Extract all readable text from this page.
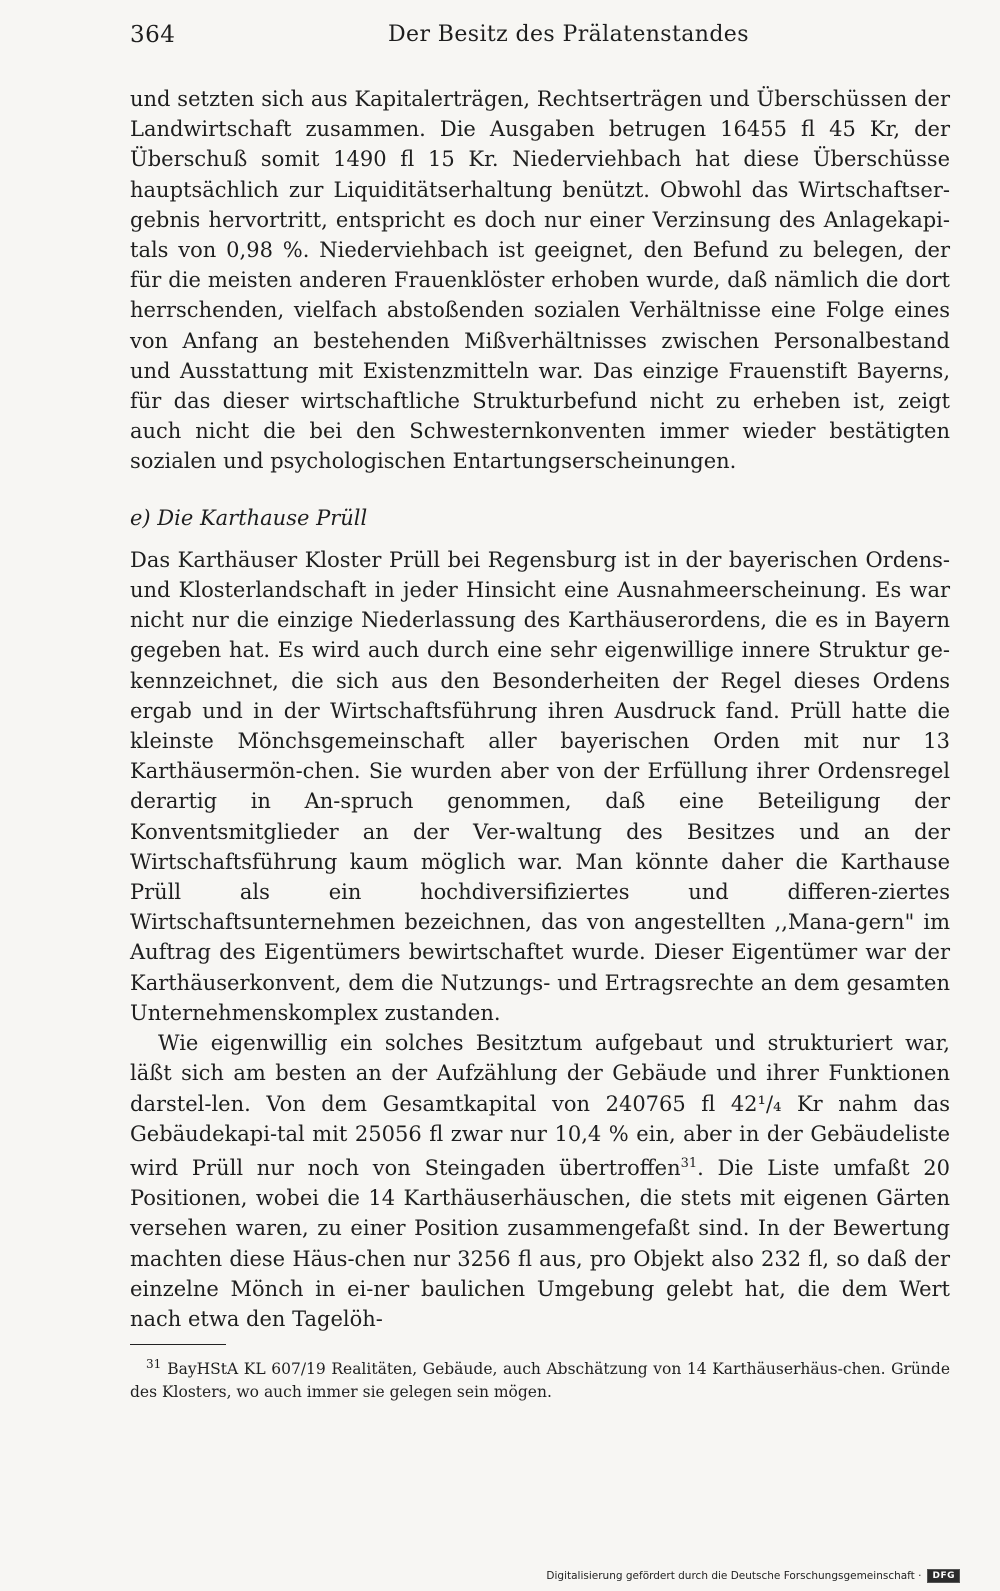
364	Der Besitz des Prälatenstandes

und setzten sich aus Kapitalerträgen, Rechtserträgen und Überschüssen der Landwirtschaft zusammen. Die Ausgaben betrugen 16455 fl 45 Kr, der Überschuß somit 1490 fl 15 Kr. Niederviehbach hat diese Überschüsse hauptsächlich zur Liquiditätserhaltung benützt. Obwohl das Wirtschaftser-gebnis hervortritt, entspricht es doch nur einer Verzinsung des Anlagekapi-tals von 0,98 %. Niederviehbach ist geeignet, den Befund zu belegen, der für die meisten anderen Frauenklöster erhoben wurde, daß nämlich die dort herrschenden, vielfach abstoßenden sozialen Verhältnisse eine Folge eines von Anfang an bestehenden Mißverhältnisses zwischen Personalbestand und Ausstattung mit Existenzmitteln war. Das einzige Frauenstift Bayerns, für das dieser wirtschaftliche Strukturbefund nicht zu erheben ist, zeigt auch nicht die bei den Schwesternkonventen immer wieder bestätigten sozialen und psychologischen Entartungserscheinungen.

e) Die Karthause Prüll

Das Karthäuser Kloster Prüll bei Regensburg ist in der bayerischen Ordens- und Klosterlandschaft in jeder Hinsicht eine Ausnahmeerscheinung. Es war nicht nur die einzige Niederlassung des Karthäuserordens, die es in Bayern gegeben hat. Es wird auch durch eine sehr eigenwillige innere Struktur ge-kennzeichnet, die sich aus den Besonderheiten der Regel dieses Ordens ergab und in der Wirtschaftsführung ihren Ausdruck fand. Prüll hatte die kleinste Mönchsgemeinschaft aller bayerischen Orden mit nur 13 Karthäusermön-chen. Sie wurden aber von der Erfüllung ihrer Ordensregel derartig in An-spruch genommen, daß eine Beteiligung der Konventsmitglieder an der Ver-waltung des Besitzes und an der Wirtschaftsführung kaum möglich war. Man könnte daher die Karthause Prüll als ein hochdiversifiziertes und differen-ziertes Wirtschaftsunternehmen bezeichnen, das von angestellten ,,Mana-gern" im Auftrag des Eigentümers bewirtschaftet wurde. Dieser Eigentümer war der Karthäuserkonvent, dem die Nutzungs- und Ertragsrechte an dem gesamten Unternehmenskomplex zustanden.

Wie eigenwillig ein solches Besitztum aufgebaut und strukturiert war, läßt sich am besten an der Aufzählung der Gebäude und ihrer Funktionen darstel-len. Von dem Gesamtkapital von 240765 fl 42¹/₄ Kr nahm das Gebäudekapi-tal mit 25056 fl zwar nur 10,4 % ein, aber in der Gebäudeliste wird Prüll nur noch von Steingaden übertroffen$^{31}$. Die Liste umfaßt 20 Positionen, wobei die 14 Karthäuserhäuschen, die stets mit eigenen Gärten versehen waren, zu einer Position zusammengefaßt sind. In der Bewertung machten diese Häus-chen nur 3256 fl aus, pro Objekt also 232 fl, so daß der einzelne Mönch in ei-ner baulichen Umgebung gelebt hat, die dem Wert nach etwa den Tagelöh-

$^{31}$ BayHStA KL 607/19 Realitäten, Gebäude, auch Abschätzung von 14 Karthäuserhäus-chen. Gründe des Klosters, wo auch immer sie gelegen sein mögen.
Digitalisierung gefördert durch die Deutsche Forschungsgemeinschaft ·	DFG
